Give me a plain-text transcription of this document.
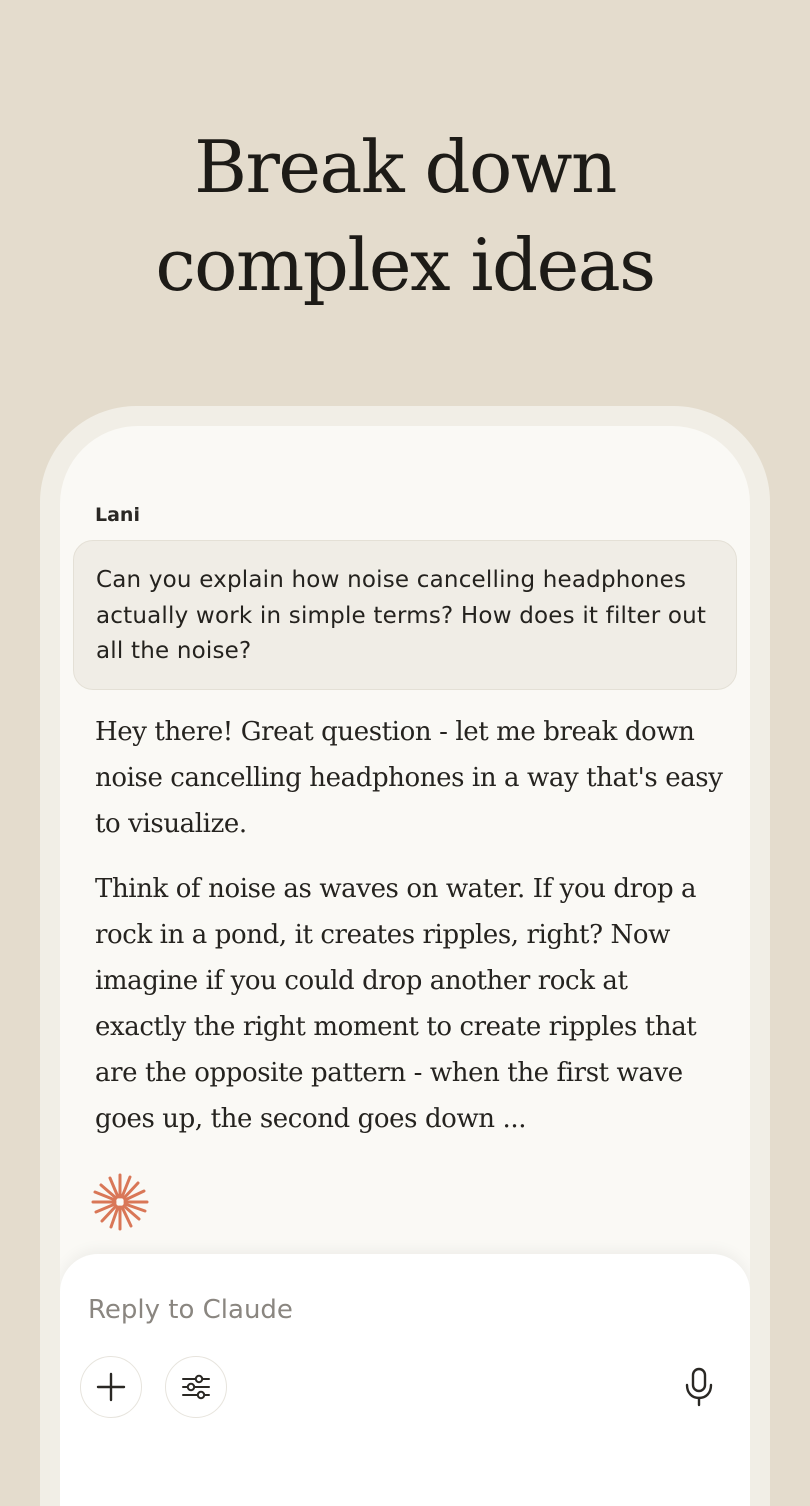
Break down
complex ideas
Lani

Can you explain how noise cancelling headphones actually work in simple terms? How does it filter out all the noise?

Hey there! Great question - let me break down noise cancelling headphones in a way that's easy to visualize.

Think of noise as waves on water. If you drop a rock in a pond, it creates ripples, right? Now imagine if you could drop another rock at exactly the right moment to create ripples that are the opposite pattern - when the first wave goes up, the second goes down ...

Reply to Claude
